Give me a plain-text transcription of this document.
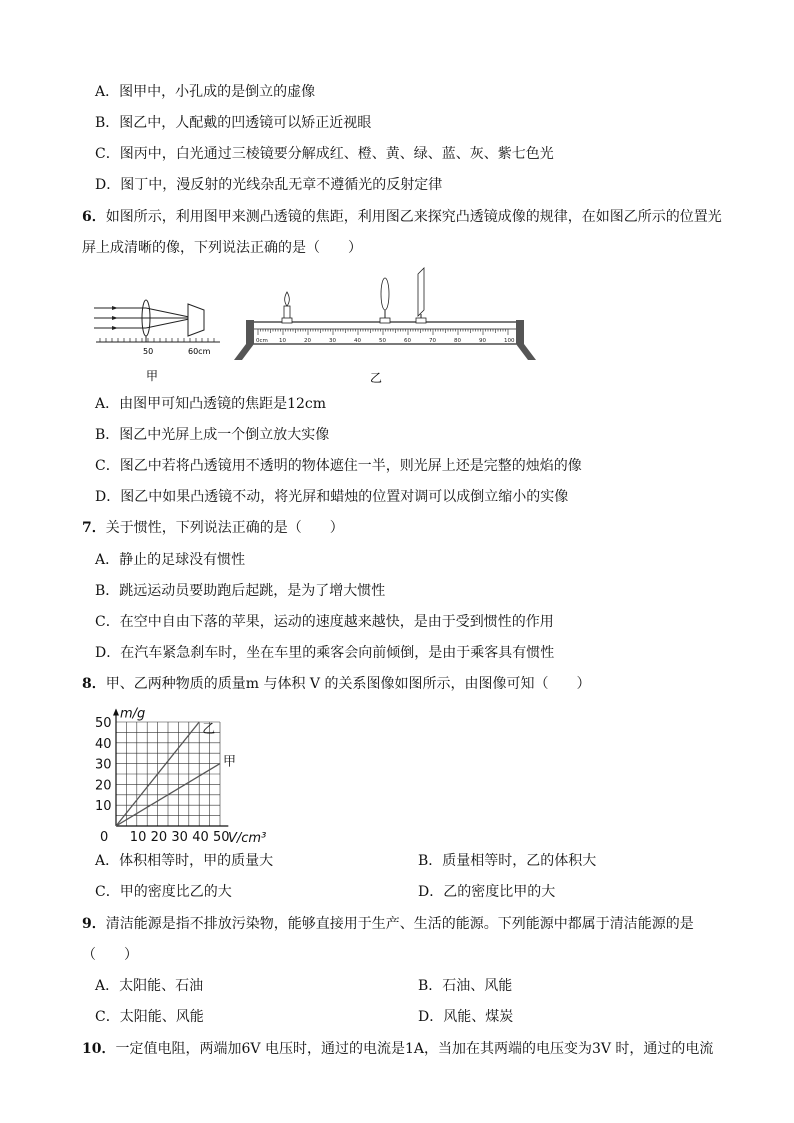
A．图甲中，小孔成的是倒立的虚像
B．图乙中，人配戴的凹透镜可以矫正近视眼
C．图丙中，白光通过三棱镜要分解成红、橙、黄、绿、蓝、灰、紫七色光
D．图丁中，漫反射的光线杂乱无章不遵循光的反射定律
6．如图所示，利用图甲来测凸透镜的焦距，利用图乙来探究凸透镜成像的规律，在如图乙所示的位置光
屏上成清晰的像，下列说法正确的是（　　）
50	60cm
甲
0cm 10	20	30	40	50	60	70	80	90	100
乙
A．由图甲可知凸透镜的焦距是12cm
B．图乙中光屏上成一个倒立放大实像
C．图乙中若将凸透镜用不透明的物体遮住一半，则光屏上还是完整的烛焰的像
D．图乙中如果凸透镜不动，将光屏和蜡烛的位置对调可以成倒立缩小的实像
7．关于惯性，下列说法正确的是（　　）
A．静止的足球没有惯性
B．跳远运动员要助跑后起跳，是为了增大惯性
C．在空中自由下落的苹果，运动的速度越来越快，是由于受到惯性的作用
D．在汽车紧急刹车时，坐在车里的乘客会向前倾倒，是由于乘客具有惯性
8．甲、乙两种物质的质量m 与体积 V 的关系图像如图所示，由图像可知（　　）
m/g
10
20
30
40
50
0 10 20 30 40 50
V/cm³
乙
甲
A．体积相等时，甲的质量大	B．质量相等时，乙的体积大
C．甲的密度比乙的大	D．乙的密度比甲的大
9．清洁能源是指不排放污染物，能够直接用于生产、生活的能源。下列能源中都属于清洁能源的是
（　　）
A．太阳能、石油	B．石油、风能
C．太阳能、风能	D．风能、煤炭
10．一定值电阻，两端加6V 电压时，通过的电流是1A，当加在其两端的电压变为3V 时，通过的电流
